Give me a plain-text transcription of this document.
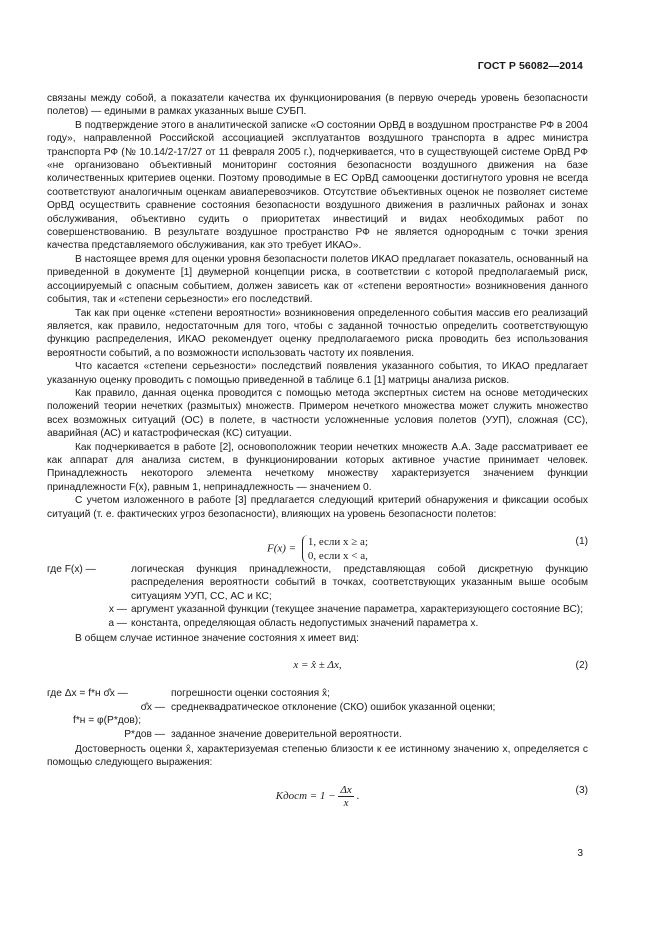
ГОСТ Р 56082—2014

связаны между собой, а показатели качества их функционирования (в первую очередь уровень безопасности полетов) — едиными в рамках указанных выше СУБП.

В подтверждение этого в аналитической записке «О состоянии ОрВД в воздушном пространстве РФ в 2004 году», направленной Российской ассоциацией эксплуатантов воздушного транспорта в адрес министра транспорта РФ (№ 10.14/2-17/27 от 11 февраля 2005 г.), подчеркивается, что в существующей системе ОрВД РФ «не организовано объективный мониторинг состояния безопасности воздушного движения на базе количественных критериев оценки. Поэтому проводимые в ЕС ОрВД самооценки достигнутого уровня не всегда соответствуют аналогичным оценкам авиаперевозчиков. Отсутствие объективных оценок не позволяет системе ОрВД осуществить сравнение состояния безопасности воздушного движения в различных районах и зонах обслуживания, объективно судить о приоритетах инвестиций и видах необходимых работ по совершенствованию. В результате воздушное пространство РФ не является однородным с точки зрения качества представляемого обслуживания, как это требует ИКАО».

В настоящее время для оценки уровня безопасности полетов ИКАО предлагает показатель, основанный на приведенной в документе [1] двумерной концепции риска, в соответствии с которой предполагаемый риск, ассоциируемый с опасным событием, должен зависеть как от «степени вероятности» возникновения данного события, так и «степени серьезности» его последствий.

Так как при оценке «степени вероятности» возникновения определенного события массив его реализаций является, как правило, недостаточным для того, чтобы с заданной точностью определить соответствующую функцию распределения, ИКАО рекомендует оценку предполагаемого риска проводить без использования вероятности событий, а по возможности использовать частоту их появления.

Что касается «степени серьезности» последствий появления указанного события, то ИКАО предлагает указанную оценку проводить с помощью приведенной в таблице 6.1 [1] матрицы анализа рисков.

Как правило, данная оценка проводится с помощью метода экспертных систем на основе методических положений теории нечетких (размытых) множеств. Примером нечеткого множества может служить множество всех возможных ситуаций (ОС) в полете, в частности усложненные условия полетов (УУП), сложная (СС), аварийная (АС) и катастрофическая (КС) ситуации.

Как подчеркивается в работе [2], основоположник теории нечетких множеств А.А. Заде рассматривает ее как аппарат для анализа систем, в функционировании которых активное участие принимает человек. Принадлежность некоторого элемента нечеткому множеству характеризуется значением функции принадлежности F(x), равным 1, непринадлежность — значением 0.

С учетом изложенного в работе [3] предлагается следующий критерий обнаружения и фиксации особых ситуаций (т. е. фактических угроз безопасности), влияющих на уровень безопасности полетов:

F(x) =
1, если x ≥ a;
0, если x < a,
(1)
где F(x) —	логическая функция принадлежности, представляющая собой дискретную функцию распределения вероятности событий в точках, соответствующих указанным выше особым ситуациям УУП, СС, АС и КС;
x — аргумент указанной функции (текущее значение параметра, характеризующего состояние ВС);
a — константа, определяющая область недопустимых значений параметра x.

В общем случае истинное значение состояния x имеет вид:

x = x̂ ± Δx,	(2)
где Δx = f*н σ̂x —	погрешности оценки состояния x̂;
σ̂x — среднеквадратическое отклонение (СКО) ошибок указанной оценки;
f*н = φ(P*дов);
P*дов — заданное значение доверительной вероятности.

Достоверность оценки x̂, характеризуемая степенью близости к ее истинному значению x, определяется с помощью следующего выражения:

Kдост = $1 - \frac{\Delta x}{x}$ .	(3)
3
